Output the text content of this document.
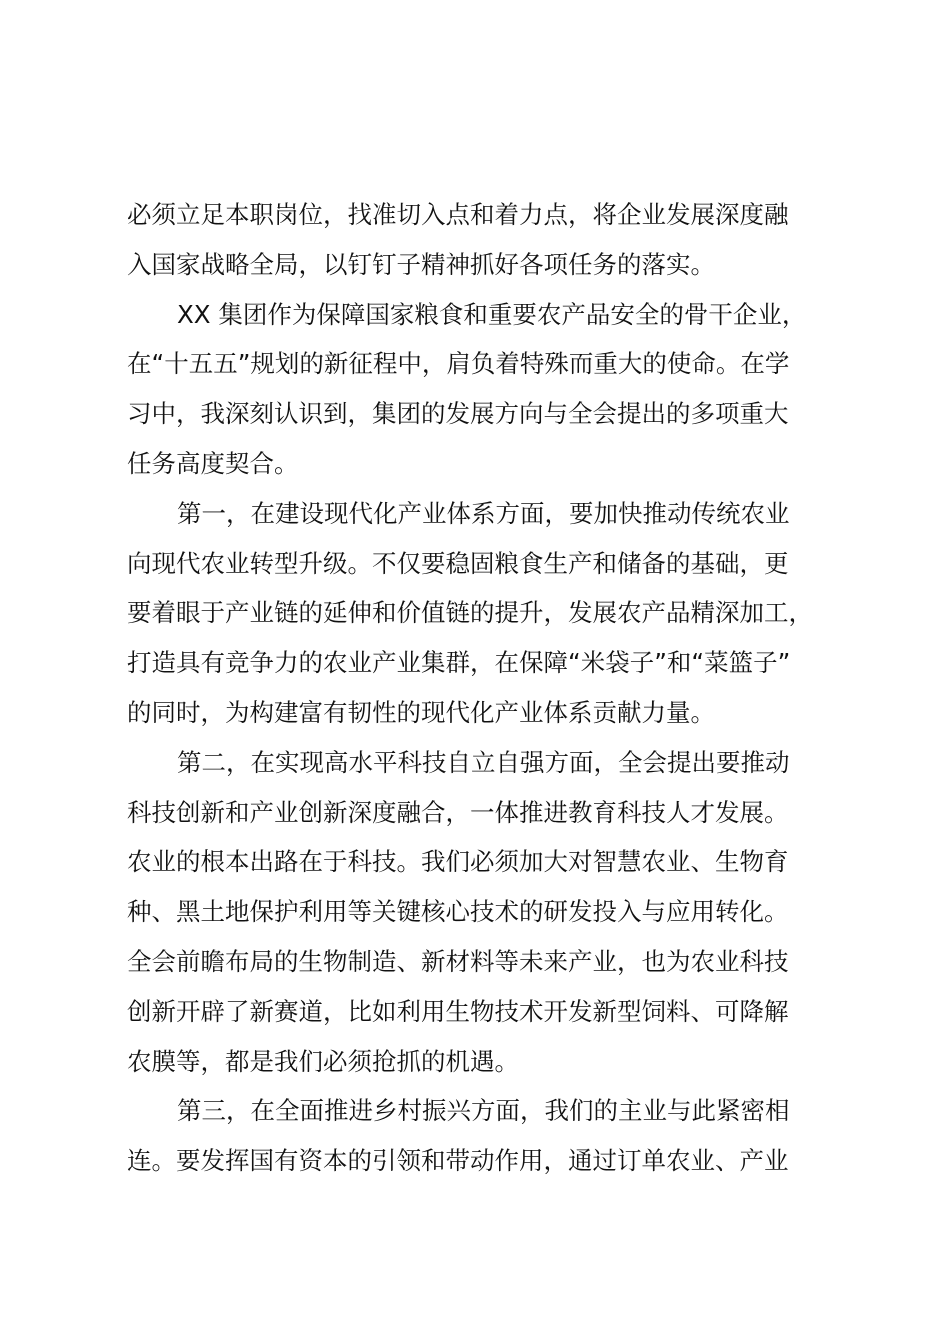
必须立足本职岗位，找准切入点和着力点，将企业发展深度融
入国家战略全局，以钉钉子精神抓好各项任务的落实。
XX 集团作为保障国家粮食和重要农产品安全的骨干企业，
在“十五五”规划的新征程中，肩负着特殊而重大的使命。在学
习中，我深刻认识到，集团的发展方向与全会提出的多项重大
任务高度契合。
第一，在建设现代化产业体系方面，要加快推动传统农业
向现代农业转型升级。不仅要稳固粮食生产和储备的基础，更
要着眼于产业链的延伸和价值链的提升，发展农产品精深加工，
打造具有竞争力的农业产业集群，在保障“米袋子”和“菜篮子”
的同时，为构建富有韧性的现代化产业体系贡献力量。
第二，在实现高水平科技自立自强方面，全会提出要推动
科技创新和产业创新深度融合，一体推进教育科技人才发展。
农业的根本出路在于科技。我们必须加大对智慧农业、生物育
种、黑土地保护利用等关键核心技术的研发投入与应用转化。
全会前瞻布局的生物制造、新材料等未来产业，也为农业科技
创新开辟了新赛道，比如利用生物技术开发新型饲料、可降解
农膜等，都是我们必须抢抓的机遇。
第三，在全面推进乡村振兴方面，我们的主业与此紧密相
连。要发挥国有资本的引领和带动作用，通过订单农业、产业
